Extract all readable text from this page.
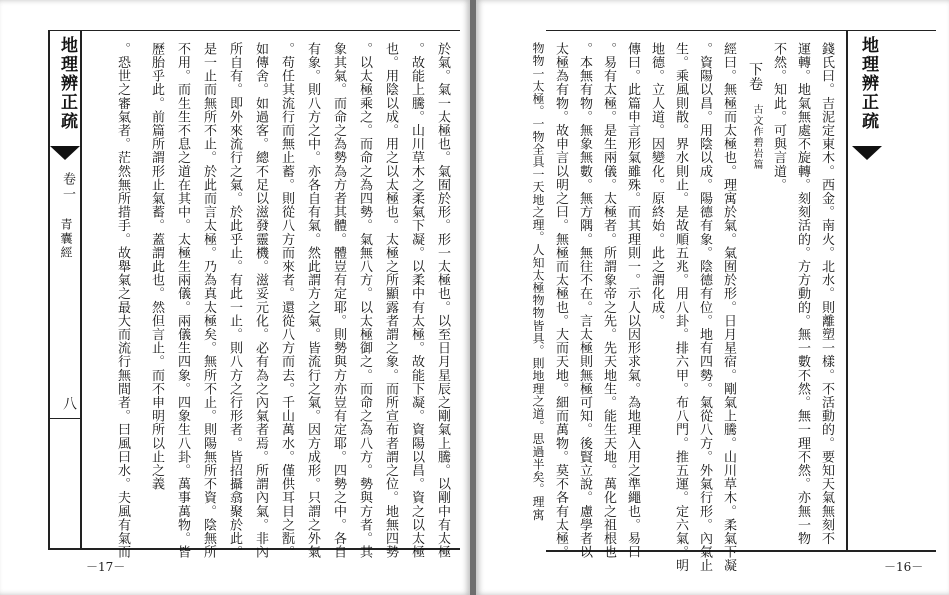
地理辨正疏
卷一
青囊經
八	於氣。氣一太極也。氣囿於形。形一太極也。以至日月星辰之剛氣上騰。以剛中有太極
。故能上騰。山川草木之柔氣下凝。以柔中有太極。故能下凝。資陽以昌。資之以太極
也。用陰以成。用之以太極也。太極之所顯露者謂之象。而所宣布者謂之位。地無四勢
。以太極乘之。而命之為四勢。氣無八方。以太極御之。而命之為八方。勢與方者。其
象其氣。而命之為勢為方者其體。體豈有定耶。則勢與方亦豈有定耶。四勢之中。各自
有象。則八方之中。亦各自有氣。然此謂方之氣。皆流行之氣。因方成形。只謂之外氣
。苟任其流行而無止蓄。則從八方而來者。還從八方而去。千山萬水。僅供耳目之翫。
如傳舍。如過客。總不足以滋發靈機。滋妥元化。必有為之內氣者焉。所謂內氣。非內
所自有。即外來流行之氣。於此乎止。有此一止。則八方之行形者。皆招攝翕聚於此。
是一止而無所不止。於此而言太極。乃為真太極矣。無所不止。則陽無所不資。陰無所
不用。而生生不息之道在其中。太極生兩儀。兩儀生四象。四象生八卦。萬事萬物。皆
歷胎乎此。前篇所謂形止氣蓄。蓋謂此也。然但言止。而不申明所以止之義
。恐世之審氣者。茫然無所措手。故舉氣之最大而流行無間者。曰風曰水。夫風有氣而
－17－
地理辨正疏
錢氏曰。吉泥定東木。西金。南火。北水。則離塑一樣。不活動的。要知天氣無刻不
運轉。地氣無處不旋轉。刻刻活的。方方動的。無一數不然。無一理不然。亦無一物
不然。知此。可與言道。
下卷
古文作碧岩篇
經曰。無極而太極也。理寓於氣。氣囿於形。日月星宿。剛氣上騰。山川草木。柔氣下凝
。資陽以昌。用陰以成。陽德有象。陰德有位。地有四勢。氣從八方。外氣行形。內氣止
生。乘風則散。界水則止。是故順五兆。用八卦。排六甲。布八門。推五運。定六氣。明
地德。立人道。因變化。原終始。此之謂化成。
傳曰。此篇申言形氣雖殊。而其理則一。示人以因形求氣。為地理入用之準繩也。易曰
。易有太極。是生兩儀。太極者。所謂象帝之先。先天地生。能生天地。萬化之祖根也
。本無有物。無象無數。無方隅。無往不在。言太極則無極可知。後賢立說。慮學者以
太極為有物。故申言以明之曰。無極而太極也。大而天地。細而萬物。莫不各有太極。
物物一太極。一物全具一天地之理。人知太極物物皆具。則地理之道。思過半矣。理寓
－16－
